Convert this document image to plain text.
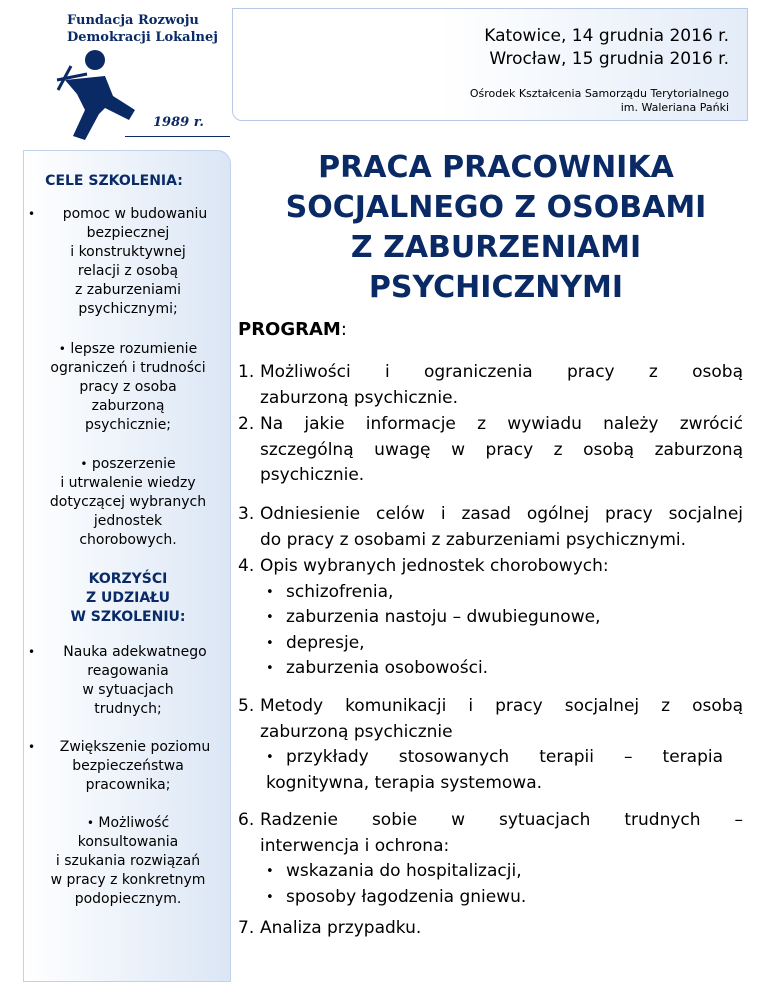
Fundacja Rozwoju
Demokracji Lokalnej

1989 r.
Katowice, 14 grudnia 2016 r.
Wrocław, 15 grudnia 2016 r.
Ośrodek Kształcenia Samorządu Terytorialnego
im. Waleriana Pańki

CELE SZKOLENIA:

•	pomoc w budowaniu
bezpiecznej
i konstruktywnej
relacji z osobą
z zaburzeniami
psychicznymi;
• lepsze rozumienie
ograniczeń i trudności
pracy z osoba
zaburzoną
psychicznie;
• poszerzenie
i utrwalenie wiedzy
dotyczącej wybranych
jednostek
chorobowych.
KORZYŚCI
Z UDZIAŁU
W SZKOLENIU:
•	Nauka adekwatnego
reagowania
w sytuacjach
trudnych;
•	Zwiększenie poziomu
bezpieczeństwa
pracownika;
• Możliwość
konsultowania
i szukania rozwiązań
w pracy z konkretnym
podopiecznym.
PRACA PRACOWNIKA
SOCJALNEGO Z OSOBAMI
Z ZABURZENIAMI
PSYCHICZNYMI

PROGRAM:

1. Możliwości i ograniczenia pracy z osobą
zaburzoną psychicznie.
2. Na jakie informacje z wywiadu należy zwrócić
szczególną uwagę w pracy z osobą zaburzoną
psychicznie.
3. Odniesienie celów i zasad ogólnej pracy socjalnej
do pracy z osobami z zaburzeniami psychicznymi.
4. Opis wybranych jednostek chorobowych:
• schizofrenia,
• zaburzenia nastoju – dwubiegunowe,
• depresje,
• zaburzenia osobowości.
5. Metody komunikacji i pracy socjalnej z osobą
zaburzoną psychicznie
• przykłady stosowanych terapii – terapia
kognitywna, terapia systemowa.
6. Radzenie sobie w sytuacjach trudnych –
interwencja i ochrona:
• wskazania do hospitalizacji,
• sposoby łagodzenia gniewu.
7. Analiza przypadku.
